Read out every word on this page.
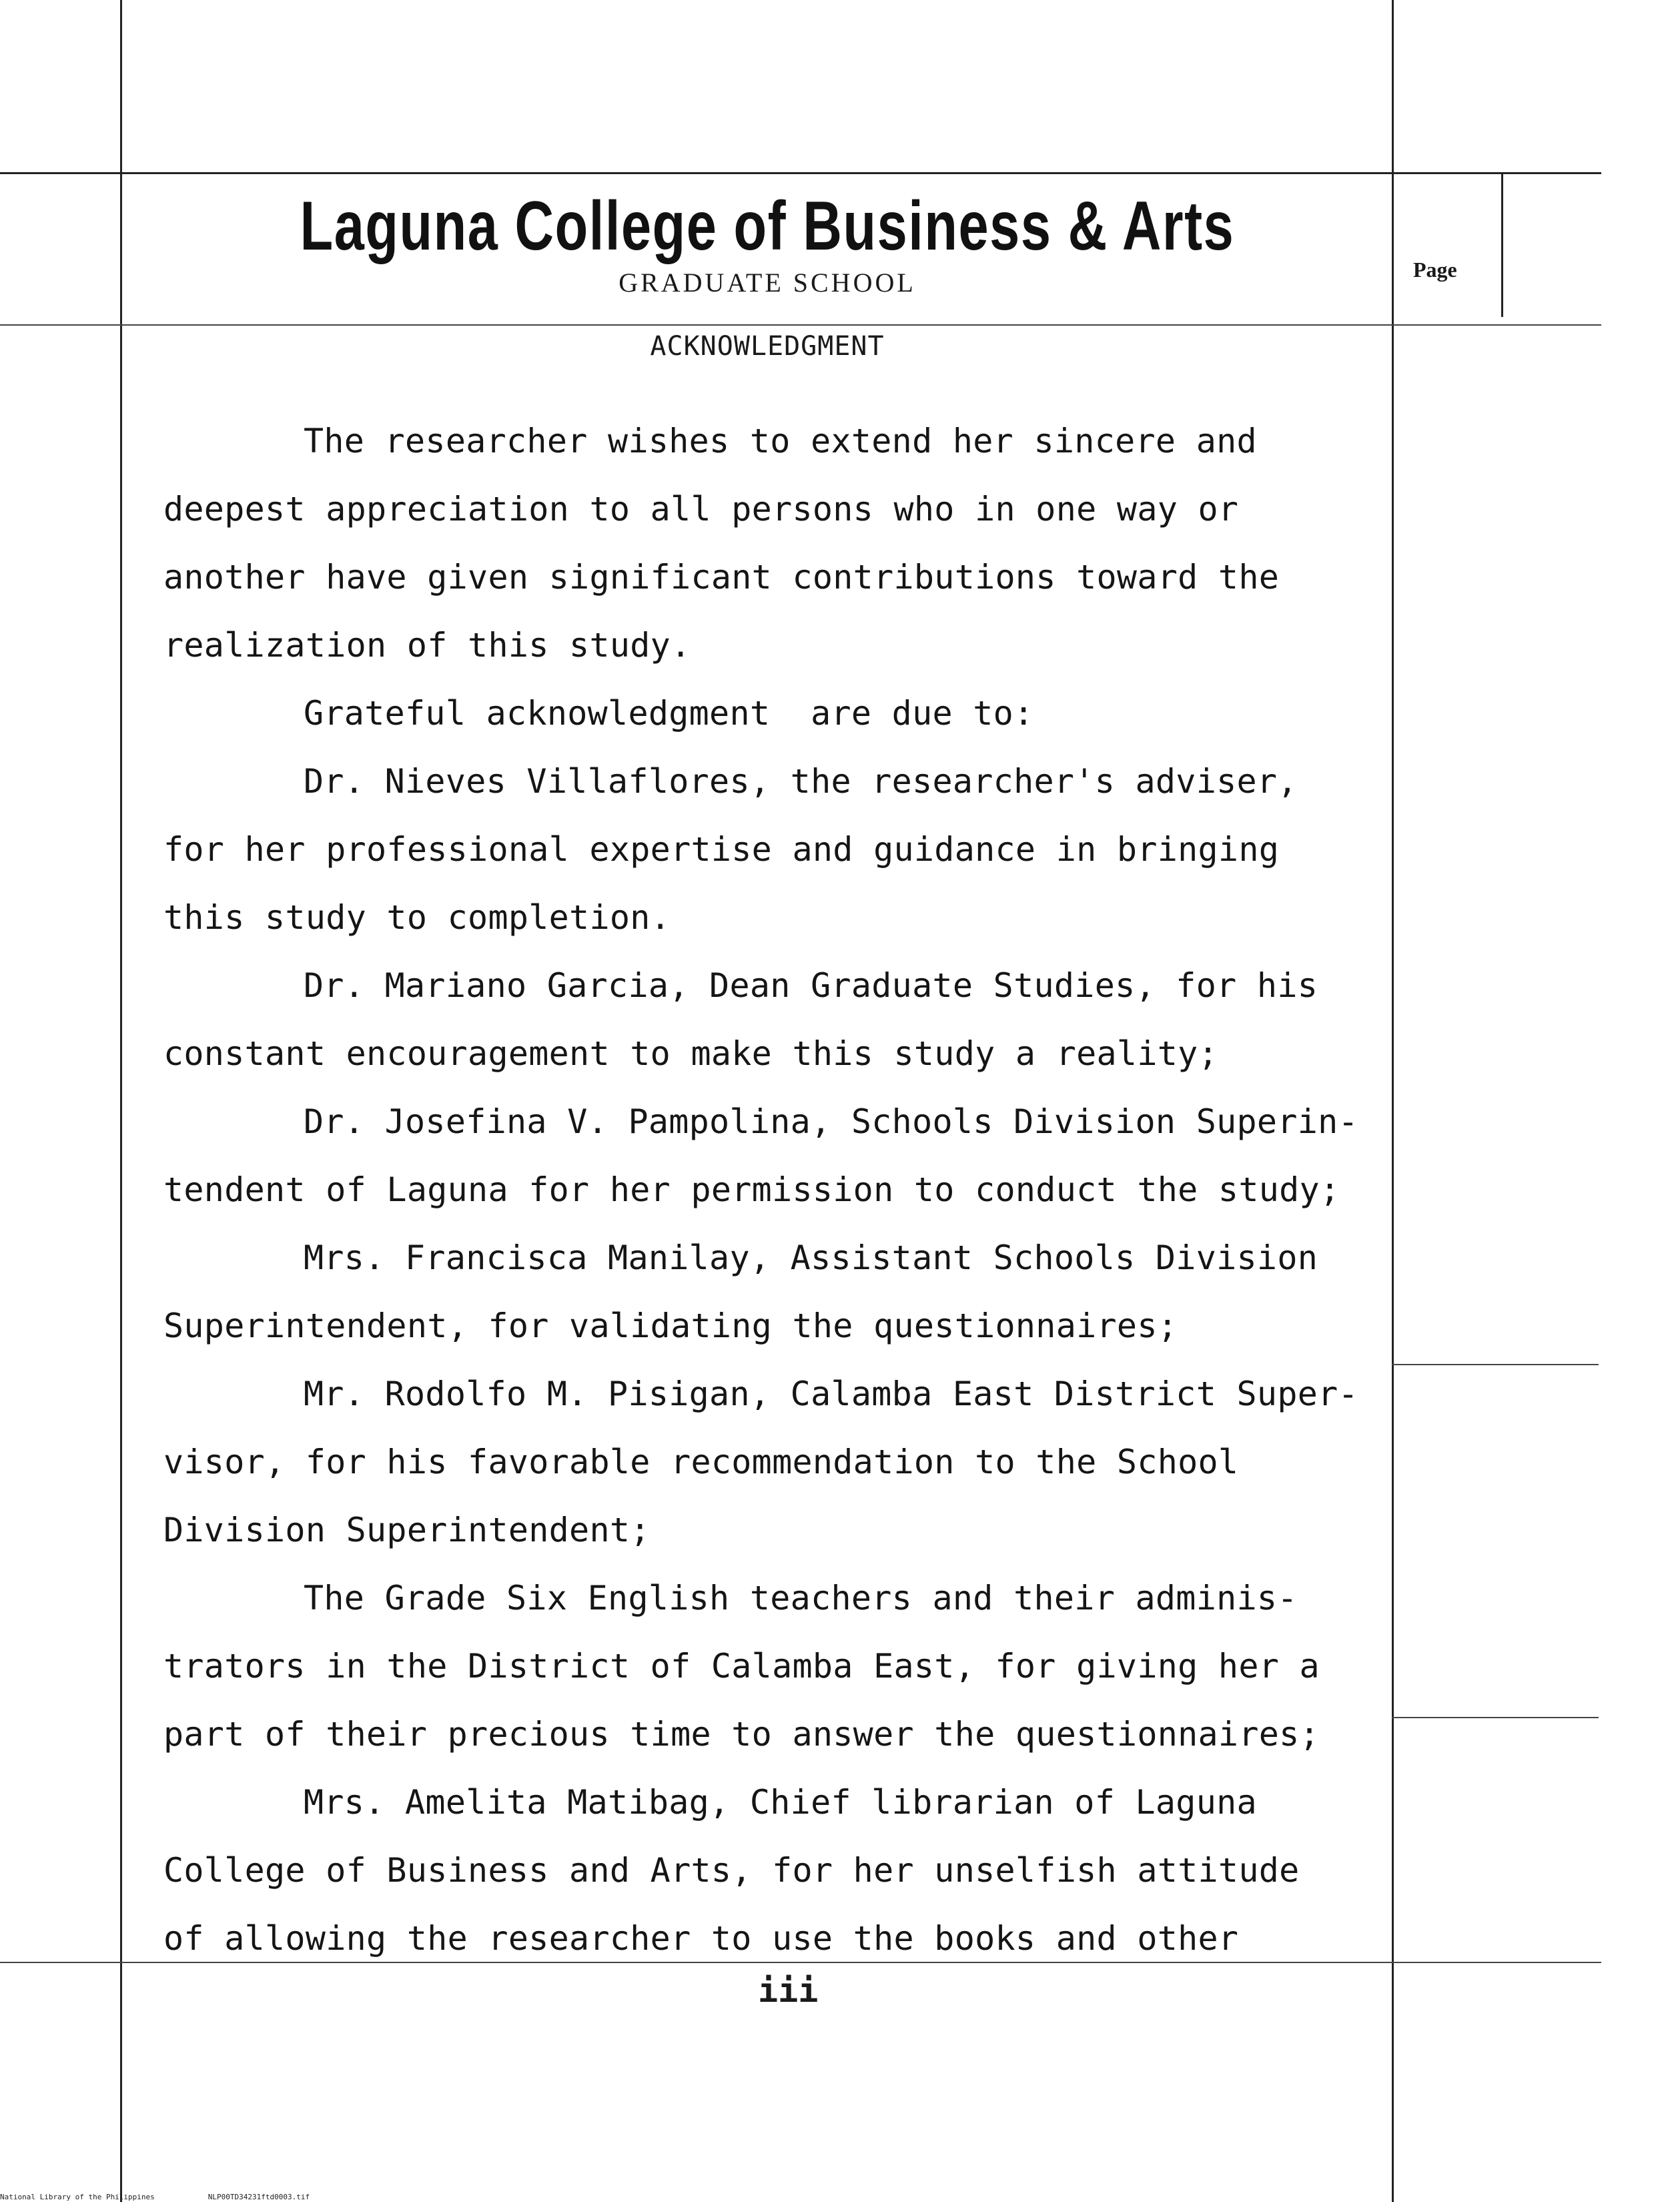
Laguna College of Business & Arts
GRADUATE SCHOOL	Page
ACKNOWLEDGMENT
The researcher wishes to extend her sincere and
deepest appreciation to all persons who in one way or
another have given significant contributions toward the
realization of this study.
Grateful acknowledgment  are due to:
Dr. Nieves Villaflores, the researcher's adviser,
for her professional expertise and guidance in bringing
this study to completion.
Dr. Mariano Garcia, Dean Graduate Studies, for his
constant encouragement to make this study a reality;
Dr. Josefina V. Pampolina, Schools Division Superin-
tendent of Laguna for her permission to conduct the study;
Mrs. Francisca Manilay, Assistant Schools Division
Superintendent, for validating the questionnaires;
Mr. Rodolfo M. Pisigan, Calamba East District Super-
visor, for his favorable recommendation to the School
Division Superintendent;
The Grade Six English teachers and their adminis-
trators in the District of Calamba East, for giving her a
part of their precious time to answer the questionnaires;
Mrs. Amelita Matibag, Chief librarian of Laguna
College of Business and Arts, for her unselfish attitude
of allowing the researcher to use the books and other
iii
National Library of the Philippines	NLP00TD34231ftd0003.tif
